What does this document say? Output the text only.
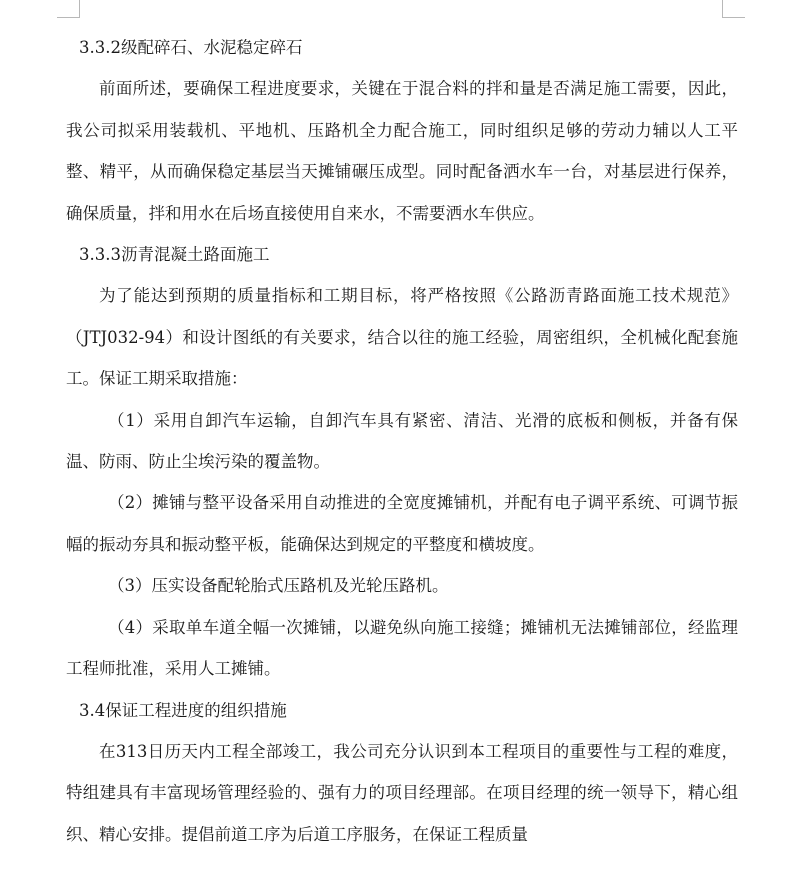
3.3.2级配碎石、水泥稳定碎石

前面所述，要确保工程进度要求，关键在于混合料的拌和量是否满足施工需要，因此，我公司拟采用装载机、平地机、压路机全力配合施工，同时组织足够的劳动力辅以人工平整、精平，从而确保稳定基层当天摊铺碾压成型。同时配备洒水车一台，对基层进行保养，确保质量，拌和用水在后场直接使用自来水，不需要洒水车供应。

3.3.3沥青混凝土路面施工

为了能达到预期的质量指标和工期目标，将严格按照《公路沥青路面施工技术规范》（JTJ032-94）和设计图纸的有关要求，结合以往的施工经验，周密组织，全机械化配套施工。保证工期采取措施：

（1）采用自卸汽车运输，自卸汽车具有紧密、清洁、光滑的底板和侧板，并备有保温、防雨、防止尘埃污染的覆盖物。

（2）摊铺与整平设备采用自动推进的全宽度摊铺机，并配有电子调平系统、可调节振幅的振动夯具和振动整平板，能确保达到规定的平整度和横坡度。

（3）压实设备配轮胎式压路机及光轮压路机。

（4）采取单车道全幅一次摊铺，以避免纵向施工接缝；摊铺机无法摊铺部位，经监理工程师批准，采用人工摊铺。

3.4保证工程进度的组织措施

在313日历天内工程全部竣工，我公司充分认识到本工程项目的重要性与工程的难度，特组建具有丰富现场管理经验的、强有力的项目经理部。在项目经理的统一领导下，精心组织、精心安排。提倡前道工序为后道工序服务，在保证工程质量
